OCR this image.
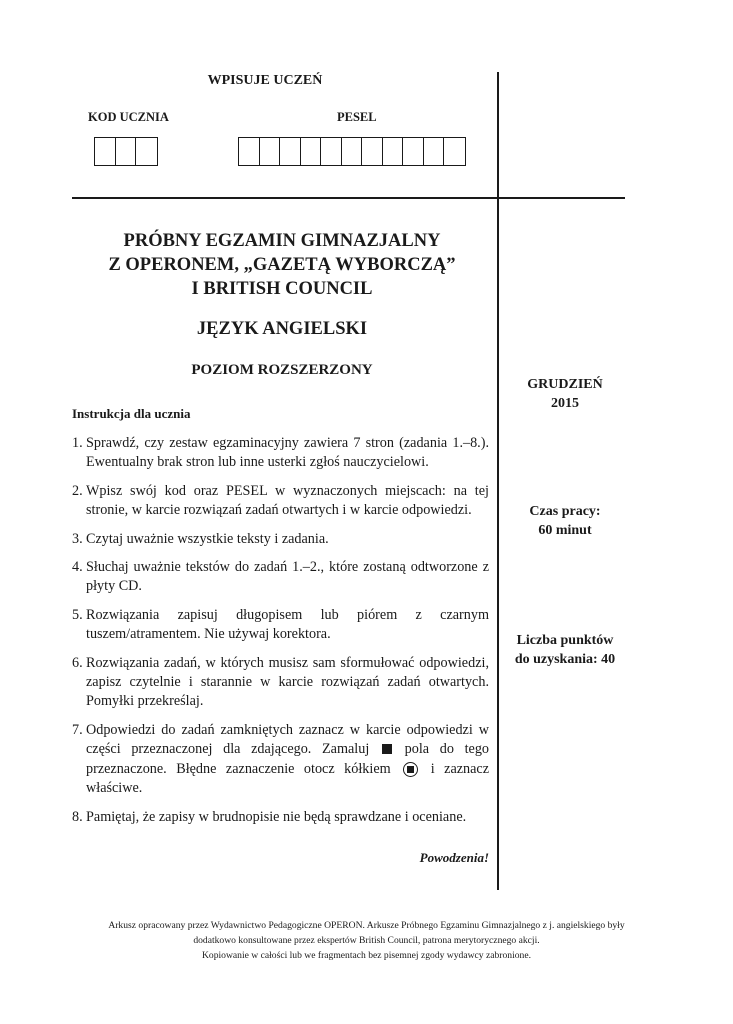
WPISUJE UCZEŃ
KOD UCZNIA	PESEL
PRÓBNY EGZAMIN GIMNAZJALNY
Z OPERONEM, „GAZETĄ WYBORCZĄ”
I BRITISH COUNCIL
JĘZYK ANGIELSKI
POZIOM ROZSZERZONY
Instrukcja dla ucznia
1. Sprawdź, czy zestaw egzaminacyjny zawiera 7 stron (zadania 1.–8.). Ewentualny brak stron lub inne usterki zgłoś nauczycielowi.
2. Wpisz swój kod oraz PESEL w wyznaczonych miejscach: na tej stronie, w karcie rozwiązań zadań otwartych i w karcie odpowiedzi.
3. Czytaj uważnie wszystkie teksty i zadania.
4. Słuchaj uważnie tekstów do zadań 1.–2., które zostaną odtworzone z płyty CD.
5. Rozwiązania zapisuj długopisem lub piórem z czarnym tuszem/atramentem. Nie używaj korektora.
6. Rozwiązania zadań, w których musisz sam sformułować odpowiedzi, zapisz czytelnie i starannie w karcie rozwiązań zadań otwartych. Pomyłki przekreślaj.
7. Odpowiedzi do zadań zamkniętych zaznacz w karcie odpowiedzi w części przeznaczonej dla zdającego. Zamaluj pola do tego przeznaczone. Błędne zaznaczenie otocz kółkiem	i zaznacz właściwe.
8. Pamiętaj, że zapisy w brudnopisie nie będą sprawdzane i oceniane.
Powodzenia!
GRUDZIEŃ
2015
Czas pracy:
60 minut
Liczba punktów
do uzyskania: 40
Arkusz opracowany przez Wydawnictwo Pedagogiczne OPERON. Arkusze Próbnego Egzaminu Gimnazjalnego z j. angielskiego były
dodatkowo konsultowane przez ekspertów British Council, patrona merytorycznego akcji.
Kopiowanie w całości lub we fragmentach bez pisemnej zgody wydawcy zabronione.
